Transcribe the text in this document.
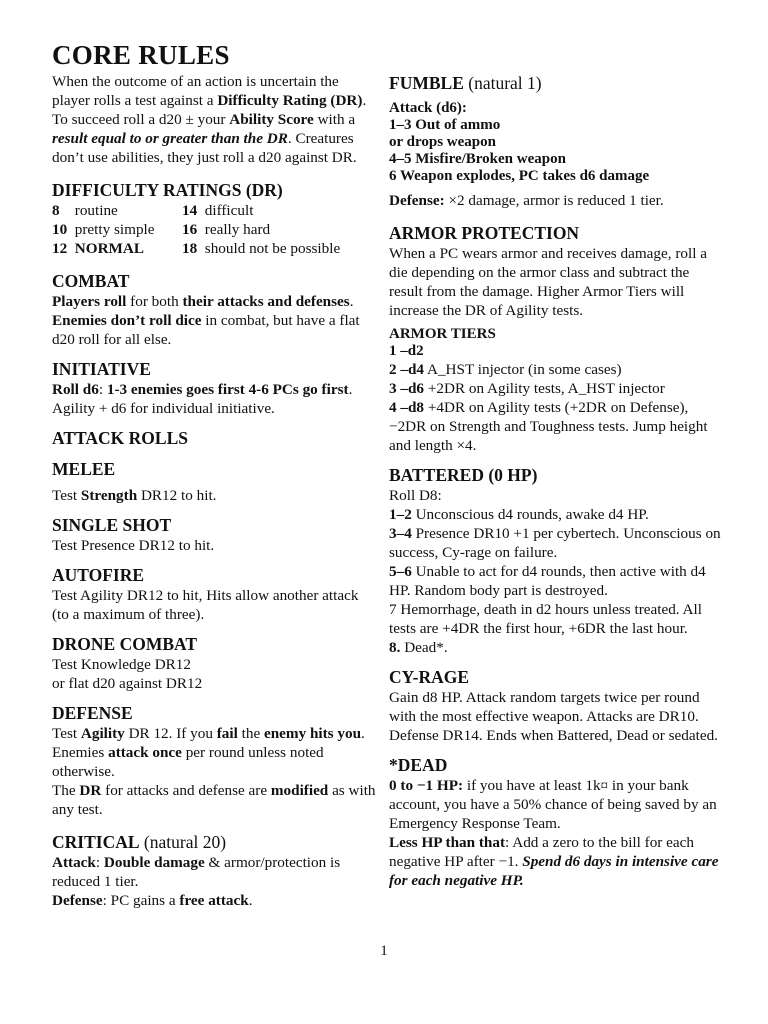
CORE RULES

When the outcome of an action is uncertain the player rolls a test against a Difficulty Rating (DR). To succeed roll a d20 ± your Ability Score with a result equal to or greater than the DR. Creatures don’t use abilities, they just roll a d20 against DR.

DIFFICULTY RATINGS (DR)
8 routine	14 difficult
10 pretty simple	16 really hard
12 NORMAL	18 should not be possible
COMBAT

Players roll for both their attacks and defenses. Enemies don’t roll dice in combat, but have a flat d20 roll for all else.

INITIATIVE

Roll d6: 1-3 enemies goes first 4-6 PCs go first. Agility + d6 for individual initiative.

ATTACK ROLLS
MELEE

Test Strength DR12 to hit.

SINGLE SHOT

Test Presence DR12 to hit.

AUTOFIRE

Test Agility DR12 to hit, Hits allow another attack (to a maximum of three).

DRONE COMBAT

Test Knowledge DR12

or flat d20 against DR12

DEFENSE

Test Agility DR 12. If you fail the enemy hits you. Enemies attack once per round unless noted otherwise.

The DR for attacks and defense are modified as with any test.

CRITICAL (natural 20)

Attack: Double damage & armor/protection is reduced 1 tier.

Defense: PC gains a free attack.

FUMBLE (natural 1)

Attack (d6):

1–3 Out of ammo

or drops weapon

4–5 Misfire/Broken weapon

6 Weapon explodes, PC takes d6 damage

Defense: ×2 damage, armor is reduced 1 tier.

ARMOR PROTECTION

When a PC wears armor and receives damage, roll a die depending on the armor class and subtract the result from the damage. Higher Armor Tiers will increase the DR of Agility tests.

ARMOR TIERS

1 –d2

2 –d4 A_HST injector (in some cases)

3 –d6 +2DR on Agility tests, A_HST injector

4 –d8 +4DR on Agility tests (+2DR on Defense), −2DR on Strength and Toughness tests. Jump height and length ×4.

BATTERED (0 HP)

Roll D8:

1–2 Unconscious d4 rounds, awake d4 HP.

3–4 Presence DR10 +1 per cybertech. Unconscious on success, Cy-rage on failure.

5–6 Unable to act for d4 rounds, then active with d4 HP. Random body part is destroyed.

7 Hemorrhage, death in d2 hours unless treated. All tests are +4DR the first hour, +6DR the last hour.

8. Dead*.

CY-RAGE

Gain d8 HP. Attack random targets twice per round with the most effective weapon. Attacks are DR10. Defense DR14. Ends when Battered, Dead or sedated.

*DEAD

0 to −1 HP: if you have at least 1k¤ in your bank account, you have a 50% chance of being saved by an Emergency Response Team.

Less HP than that: Add a zero to the bill for each negative HP after −1. Spend d6 days in intensive care for each negative HP.

1
